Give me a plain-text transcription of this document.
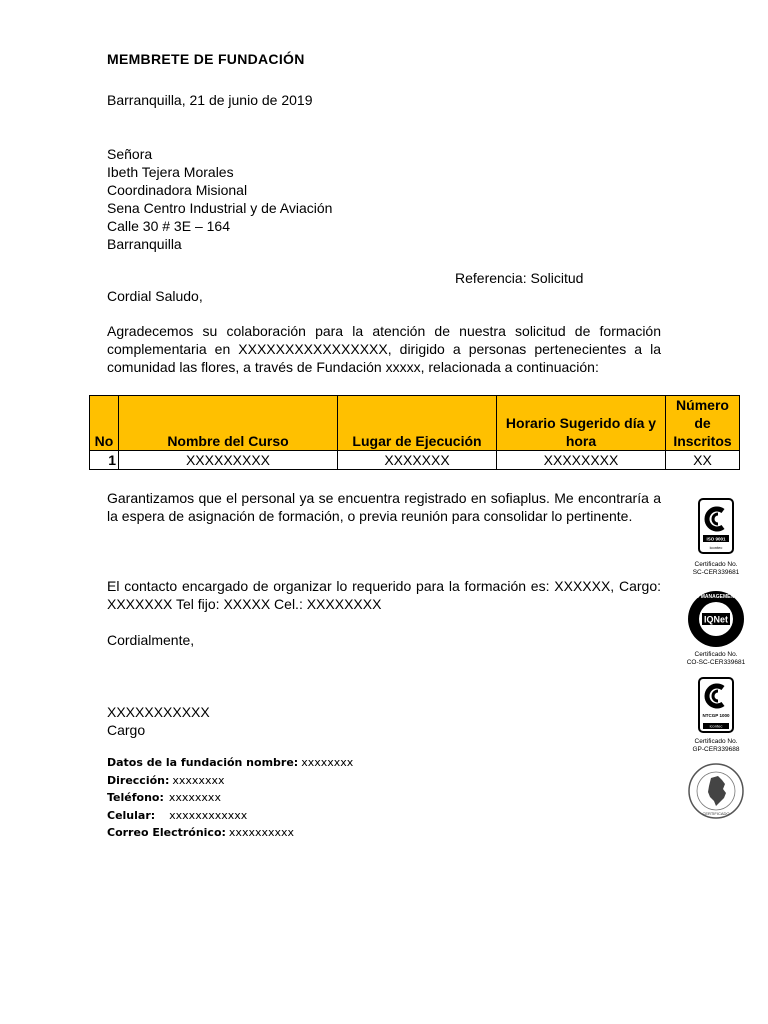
MEMBRETE DE FUNDACIÓN
Barranquilla, 21 de junio de 2019
Señora
Ibeth Tejera Morales
Coordinadora Misional
Sena Centro Industrial y de Aviación
Calle 30 # 3E – 164
Barranquilla
Referencia: Solicitud
Cordial Saludo,
Agradecemos su colaboración para la atención de nuestra solicitud de formación complementaria en XXXXXXXXXXXXXXXX, dirigido a personas pertenecientes a la comunidad las flores, a través de Fundación xxxxx, relacionada a continuación:
No	Nombre del Curso	Lugar de Ejecución	Horario Sugerido día y hora	Número de Inscritos
1	XXXXXXXXX	XXXXXXX	XXXXXXXX	XX
Garantizamos que el personal ya se encuentra registrado en sofiaplus. Me encontraría a la espera de asignación de formación, o previa reunión para consolidar lo pertinente.
El contacto encargado de organizar lo requerido para la formación es: XXXXXX, Cargo: XXXXXXX Tel fijo: XXXXX Cel.: XXXXXXXX
Cordialmente,
XXXXXXXXXXX
Cargo
Datos de la fundación nombre: xxxxxxxx
Dirección: xxxxxxxx
Teléfono: xxxxxxxx
Celular: xxxxxxxxxxxx
Correo Electrónico: xxxxxxxxxx
ISO 9001
icontec
Certificado No.
SC-CER339681
IQNet
CERTIFIED MANAGEMENT SYSTEM
Certificado No.
CO-SC-CER339681
NTCGP 1000
icontec
Certificado No.
GP-CER339688
CERTIFICADO
